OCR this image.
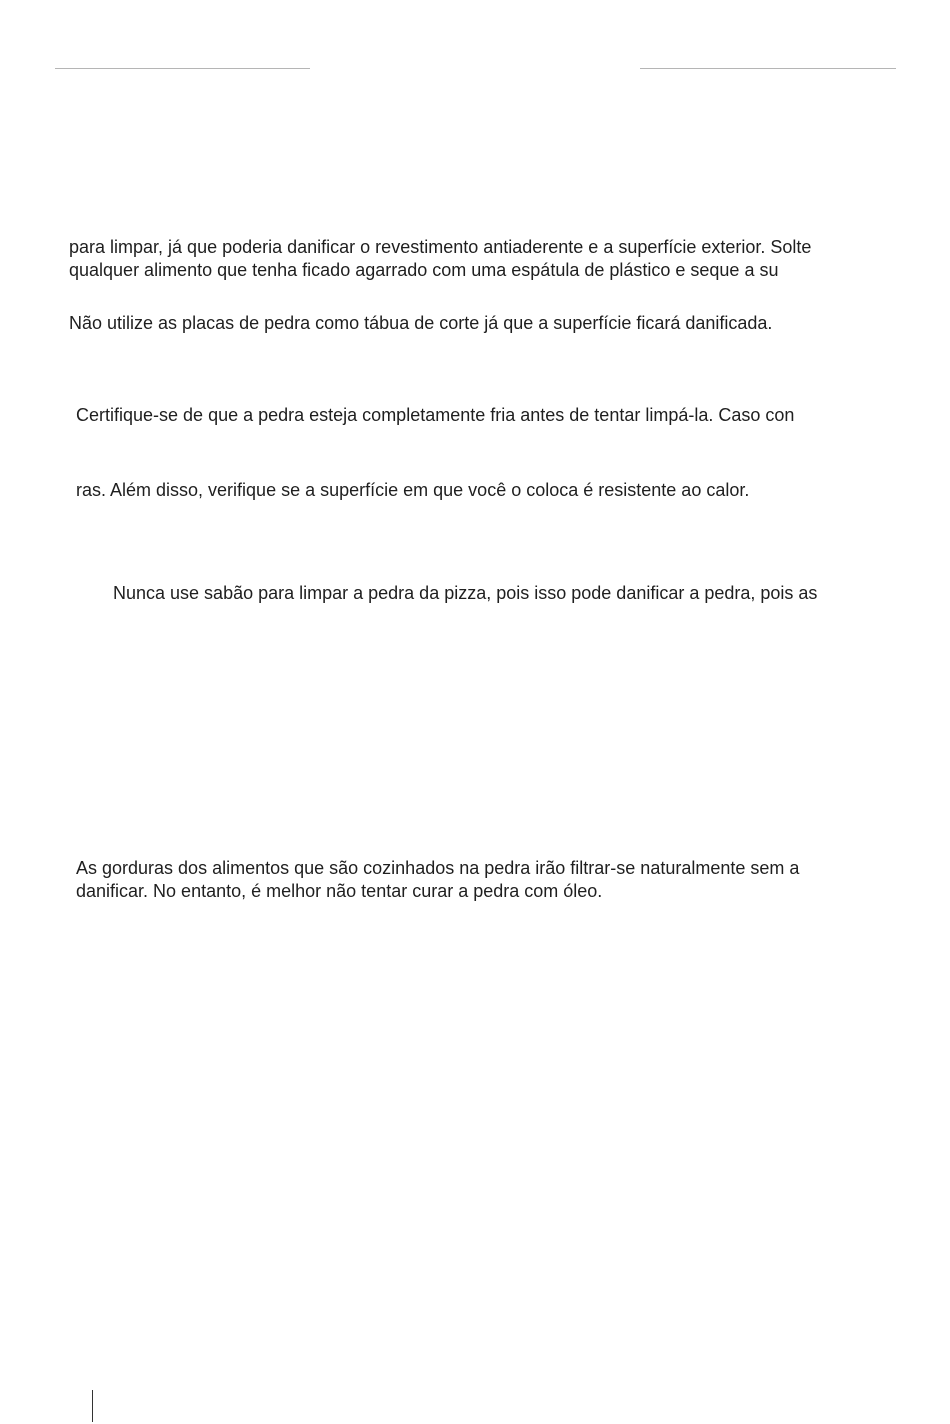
para limpar, já que poderia danificar o revestimento antiaderente e a superfície exterior. Solte
qualquer alimento que tenha ficado agarrado com uma espátula de plástico e seque a su
Não utilize as placas de pedra como tábua de corte já que a superfície ficará danificada.
Certifique-se de que a pedra esteja completamente fria antes de tentar limpá-la. Caso con
ras. Além disso, verifique se a superfície em que você o coloca é resistente ao calor.
Nunca use sabão para limpar a pedra da pizza, pois isso pode danificar a pedra, pois as
As gorduras dos alimentos que são cozinhados na pedra irão filtrar-se naturalmente sem a
danificar. No entanto, é melhor não tentar curar a pedra com óleo.
